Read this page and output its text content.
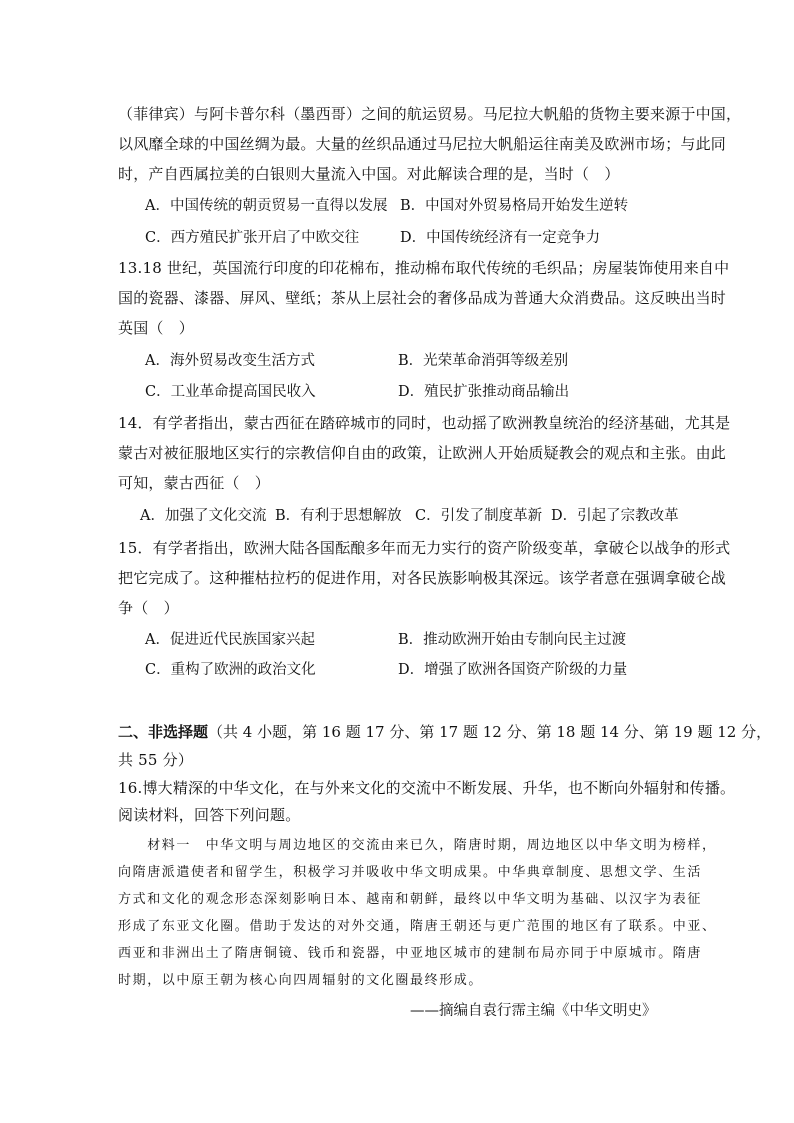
（菲律宾）与阿卡普尔科（墨西哥）之间的航运贸易。马尼拉大帆船的货物主要来源于中国，
以风靡全球的中国丝绸为最。大量的丝织品通过马尼拉大帆船运往南美及欧洲市场；与此同
时，产自西属拉美的白银则大量流入中国。对此解读合理的是，当时（　）
A．中国传统的朝贡贸易一直得以发展 B．中国对外贸易格局开始发生逆转
C．西方殖民扩张开启了中欧交往	D．中国传统经济有一定竞争力
13.18 世纪，英国流行印度的印花棉布，推动棉布取代传统的毛织品；房屋装饰使用来自中
国的瓷器、漆器、屏风、壁纸；茶从上层社会的奢侈品成为普通大众消费品。这反映出当时
英国（　）
A．海外贸易改变生活方式	B．光荣革命消弭等级差别
C．工业革命提高国民收入	D．殖民扩张推动商品输出
14．有学者指出，蒙古西征在踏碎城市的同时，也动摇了欧洲教皇统治的经济基础，尤其是
蒙古对被征服地区实行的宗教信仰自由的政策，让欧洲人开始质疑教会的观点和主张。由此
可知，蒙古西征（　）
A．加强了文化交流 B．有利于思想解放 C．引发了制度革新 D．引起了宗教改革
15．有学者指出，欧洲大陆各国酝酿多年而无力实行的资产阶级变革，拿破仑以战争的形式
把它完成了。这种摧枯拉朽的促进作用，对各民族影响极其深远。该学者意在强调拿破仑战
争（　）
A．促进近代民族国家兴起	B．推动欧洲开始由专制向民主过渡
C．重构了欧洲的政治文化	D．增强了欧洲各国资产阶级的力量
二、非选择题（共 4 小题，第 16 题 17 分、第 17 题 12 分、第 18 题 14 分、第 19 题 12 分，
共 55 分）
16.博大精深的中华文化，在与外来文化的交流中不断发展、升华，也不断向外辐射和传播。
阅读材料，回答下列问题。
　　材料一　中华文明与周边地区的交流由来已久，隋唐时期，周边地区以中华文明为榜样，
向隋唐派遣使者和留学生，积极学习并吸收中华文明成果。中华典章制度、思想文学、生活
方式和文化的观念形态深刻影响日本、越南和朝鲜，最终以中华文明为基础、以汉字为表征
形成了东亚文化圈。借助于发达的对外交通，隋唐王朝还与更广范围的地区有了联系。中亚、
西亚和非洲出土了隋唐铜镜、钱币和瓷器，中亚地区城市的建制布局亦同于中原城市。隋唐
时期，以中原王朝为核心向四周辐射的文化圈最终形成。
——摘编自袁行霈主编《中华文明史》
